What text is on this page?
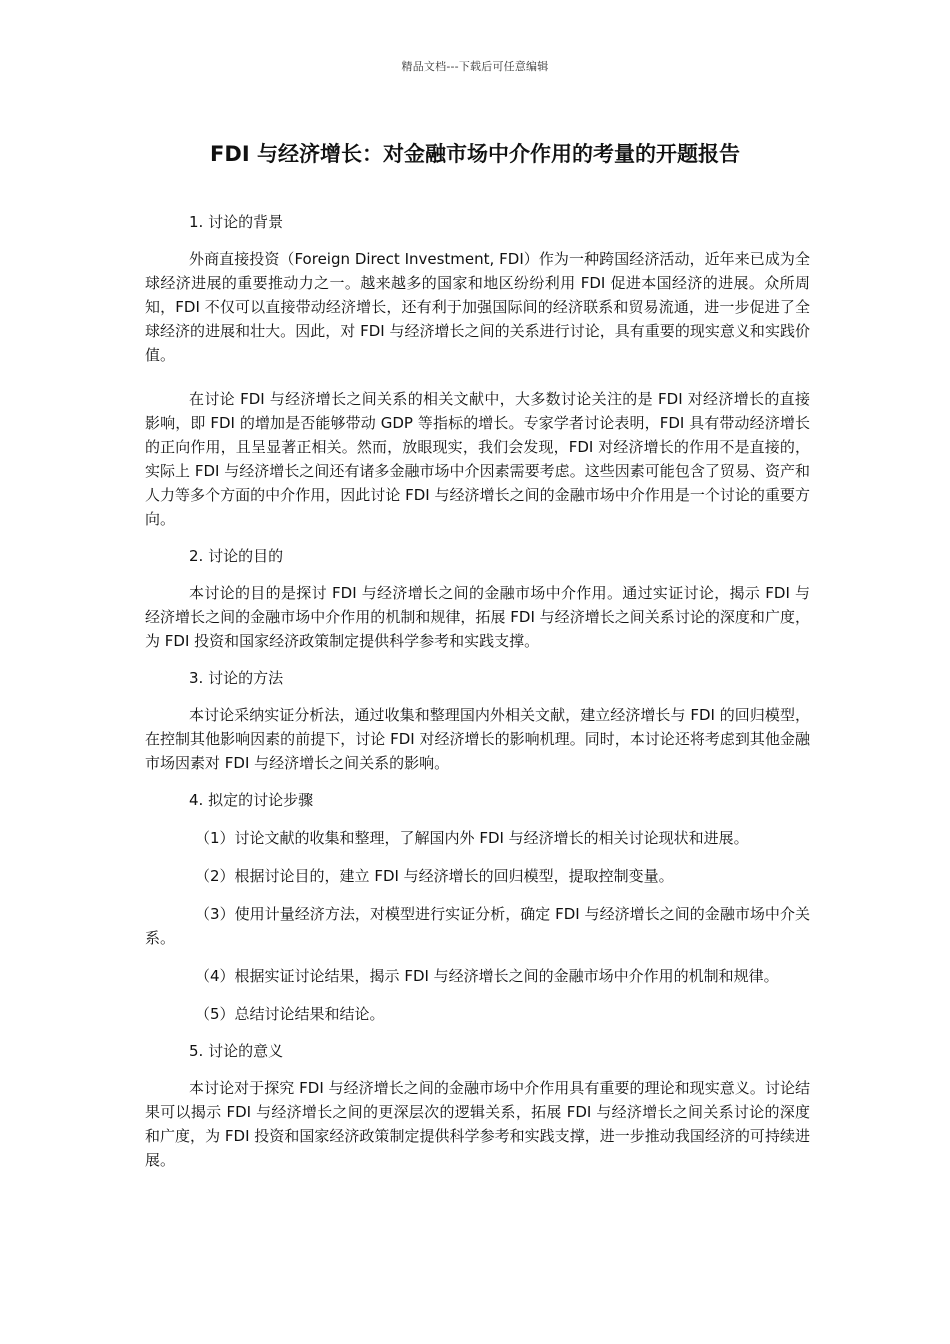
精品文档---下载后可任意编辑
FDI 与经济增长：对金融市场中介作用的考量的开题报告

1. 讨论的背景

外商直接投资（Foreign Direct Investment, FDI）作为一种跨国经济活动，近年来已成为全球经济进展的重要推动力之一。越来越多的国家和地区纷纷利用 FDI 促进本国经济的进展。众所周知，FDI 不仅可以直接带动经济增长，还有利于加强国际间的经济联系和贸易流通，进一步促进了全球经济的进展和壮大。因此，对 FDI 与经济增长之间的关系进行讨论，具有重要的现实意义和实践价值。

在讨论 FDI 与经济增长之间关系的相关文献中，大多数讨论关注的是 FDI 对经济增长的直接影响，即 FDI 的增加是否能够带动 GDP 等指标的增长。专家学者讨论表明，FDI 具有带动经济增长的正向作用，且呈显著正相关。然而，放眼现实，我们会发现，FDI 对经济增长的作用不是直接的，实际上 FDI 与经济增长之间还有诸多金融市场中介因素需要考虑。这些因素可能包含了贸易、资产和人力等多个方面的中介作用，因此讨论 FDI 与经济增长之间的金融市场中介作用是一个讨论的重要方向。

2. 讨论的目的

本讨论的目的是探讨 FDI 与经济增长之间的金融市场中介作用。通过实证讨论，揭示 FDI 与经济增长之间的金融市场中介作用的机制和规律，拓展 FDI 与经济增长之间关系讨论的深度和广度，为 FDI 投资和国家经济政策制定提供科学参考和实践支撑。

3. 讨论的方法

本讨论采纳实证分析法，通过收集和整理国内外相关文献，建立经济增长与 FDI 的回归模型，在控制其他影响因素的前提下，讨论 FDI 对经济增长的影响机理。同时，本讨论还将考虑到其他金融市场因素对 FDI 与经济增长之间关系的影响。

4. 拟定的讨论步骤

（1）讨论文献的收集和整理，了解国内外 FDI 与经济增长的相关讨论现状和进展。

（2）根据讨论目的，建立 FDI 与经济增长的回归模型，提取控制变量。

（3）使用计量经济方法，对模型进行实证分析，确定 FDI 与经济增长之间的金融市场中介关系。

（4）根据实证讨论结果，揭示 FDI 与经济增长之间的金融市场中介作用的机制和规律。

（5）总结讨论结果和结论。

5. 讨论的意义

本讨论对于探究 FDI 与经济增长之间的金融市场中介作用具有重要的理论和现实意义。讨论结果可以揭示 FDI 与经济增长之间的更深层次的逻辑关系，拓展 FDI 与经济增长之间关系讨论的深度和广度，为 FDI 投资和国家经济政策制定提供科学参考和实践支撑，进一步推动我国经济的可持续进展。
